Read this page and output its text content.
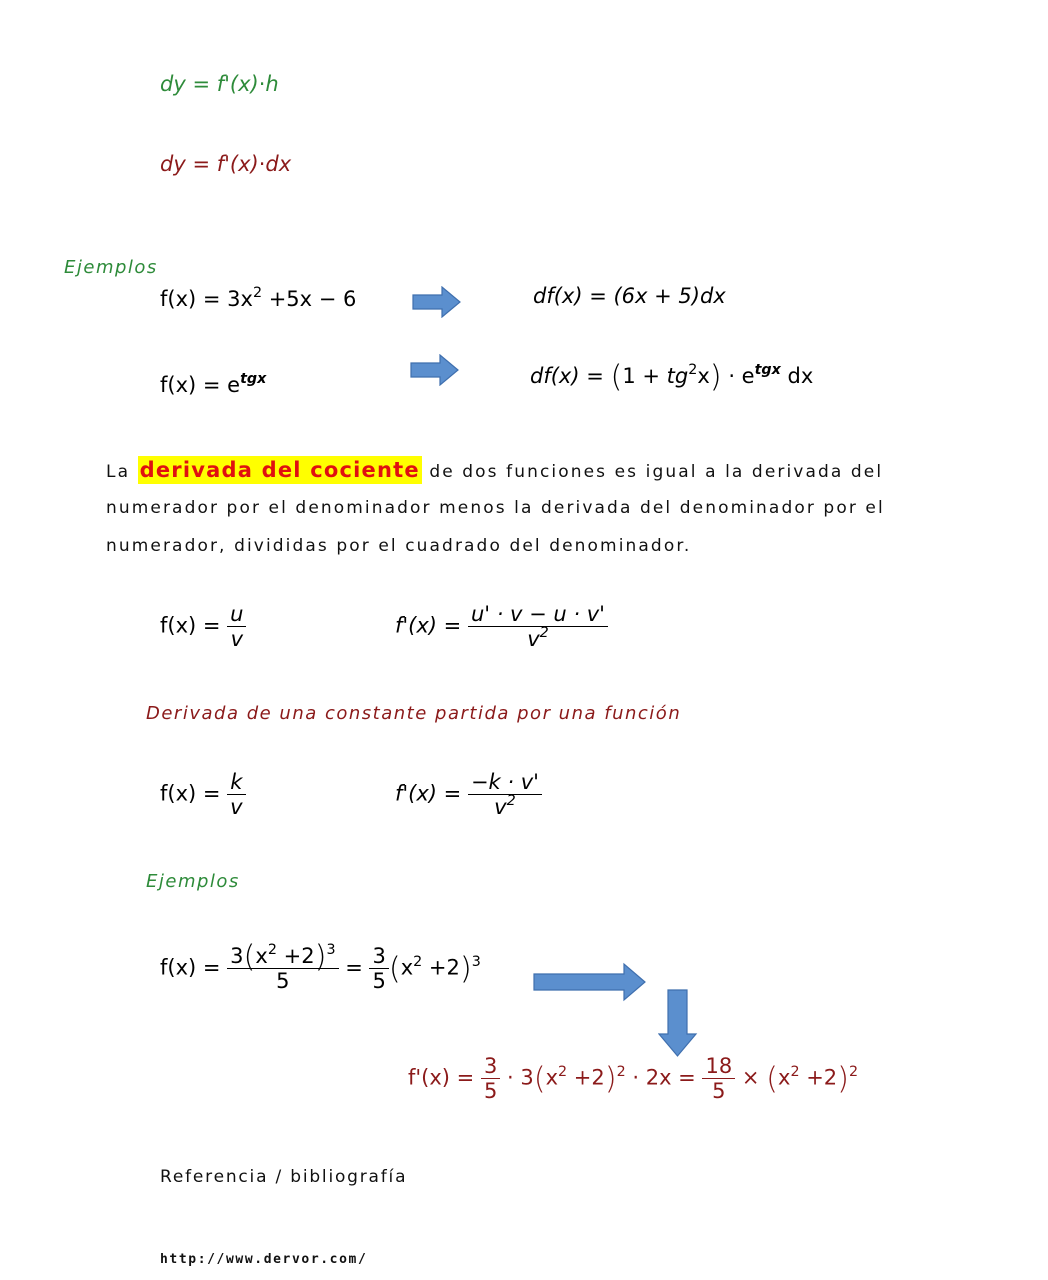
dy = f'(x)·h
dy = f'(x)·dx
Ejemplos
$f(x) = 3x^2 +5x - 6$	df(x) = (6x + 5)dx
$f(x) = e^{tgx}$	$df(x) = (1 + tg^2x) \cdot e^{tgx}$ dx
La derivada del cociente de dos funciones es igual a la derivada del
numerador por el denominador menos la derivada del denominador por el
numerador, divididas por el cuadrado del denominador.
$f(x) = \frac{u}{v}$	$f'(x) = \frac{u' \cdot v - u \cdot v'}{v^2}$
Derivada de una constante partida por una función
$f(x) = \frac{k}{v}$	$f'(x) = \frac{-k \cdot v'}{v^2}$
Ejemplos
$f(x) = \frac{3(x^2 +2)^3}{5} = \frac{3}{5} (x^2 +2)^3$
$f'(x) = \frac{3}{5} \cdot 3(x^2 +2)^2 \cdot 2x = \frac{18}{5} \times (x^2 +2)^2$
Referencia / bibliografía
http://www.dervor.com/
